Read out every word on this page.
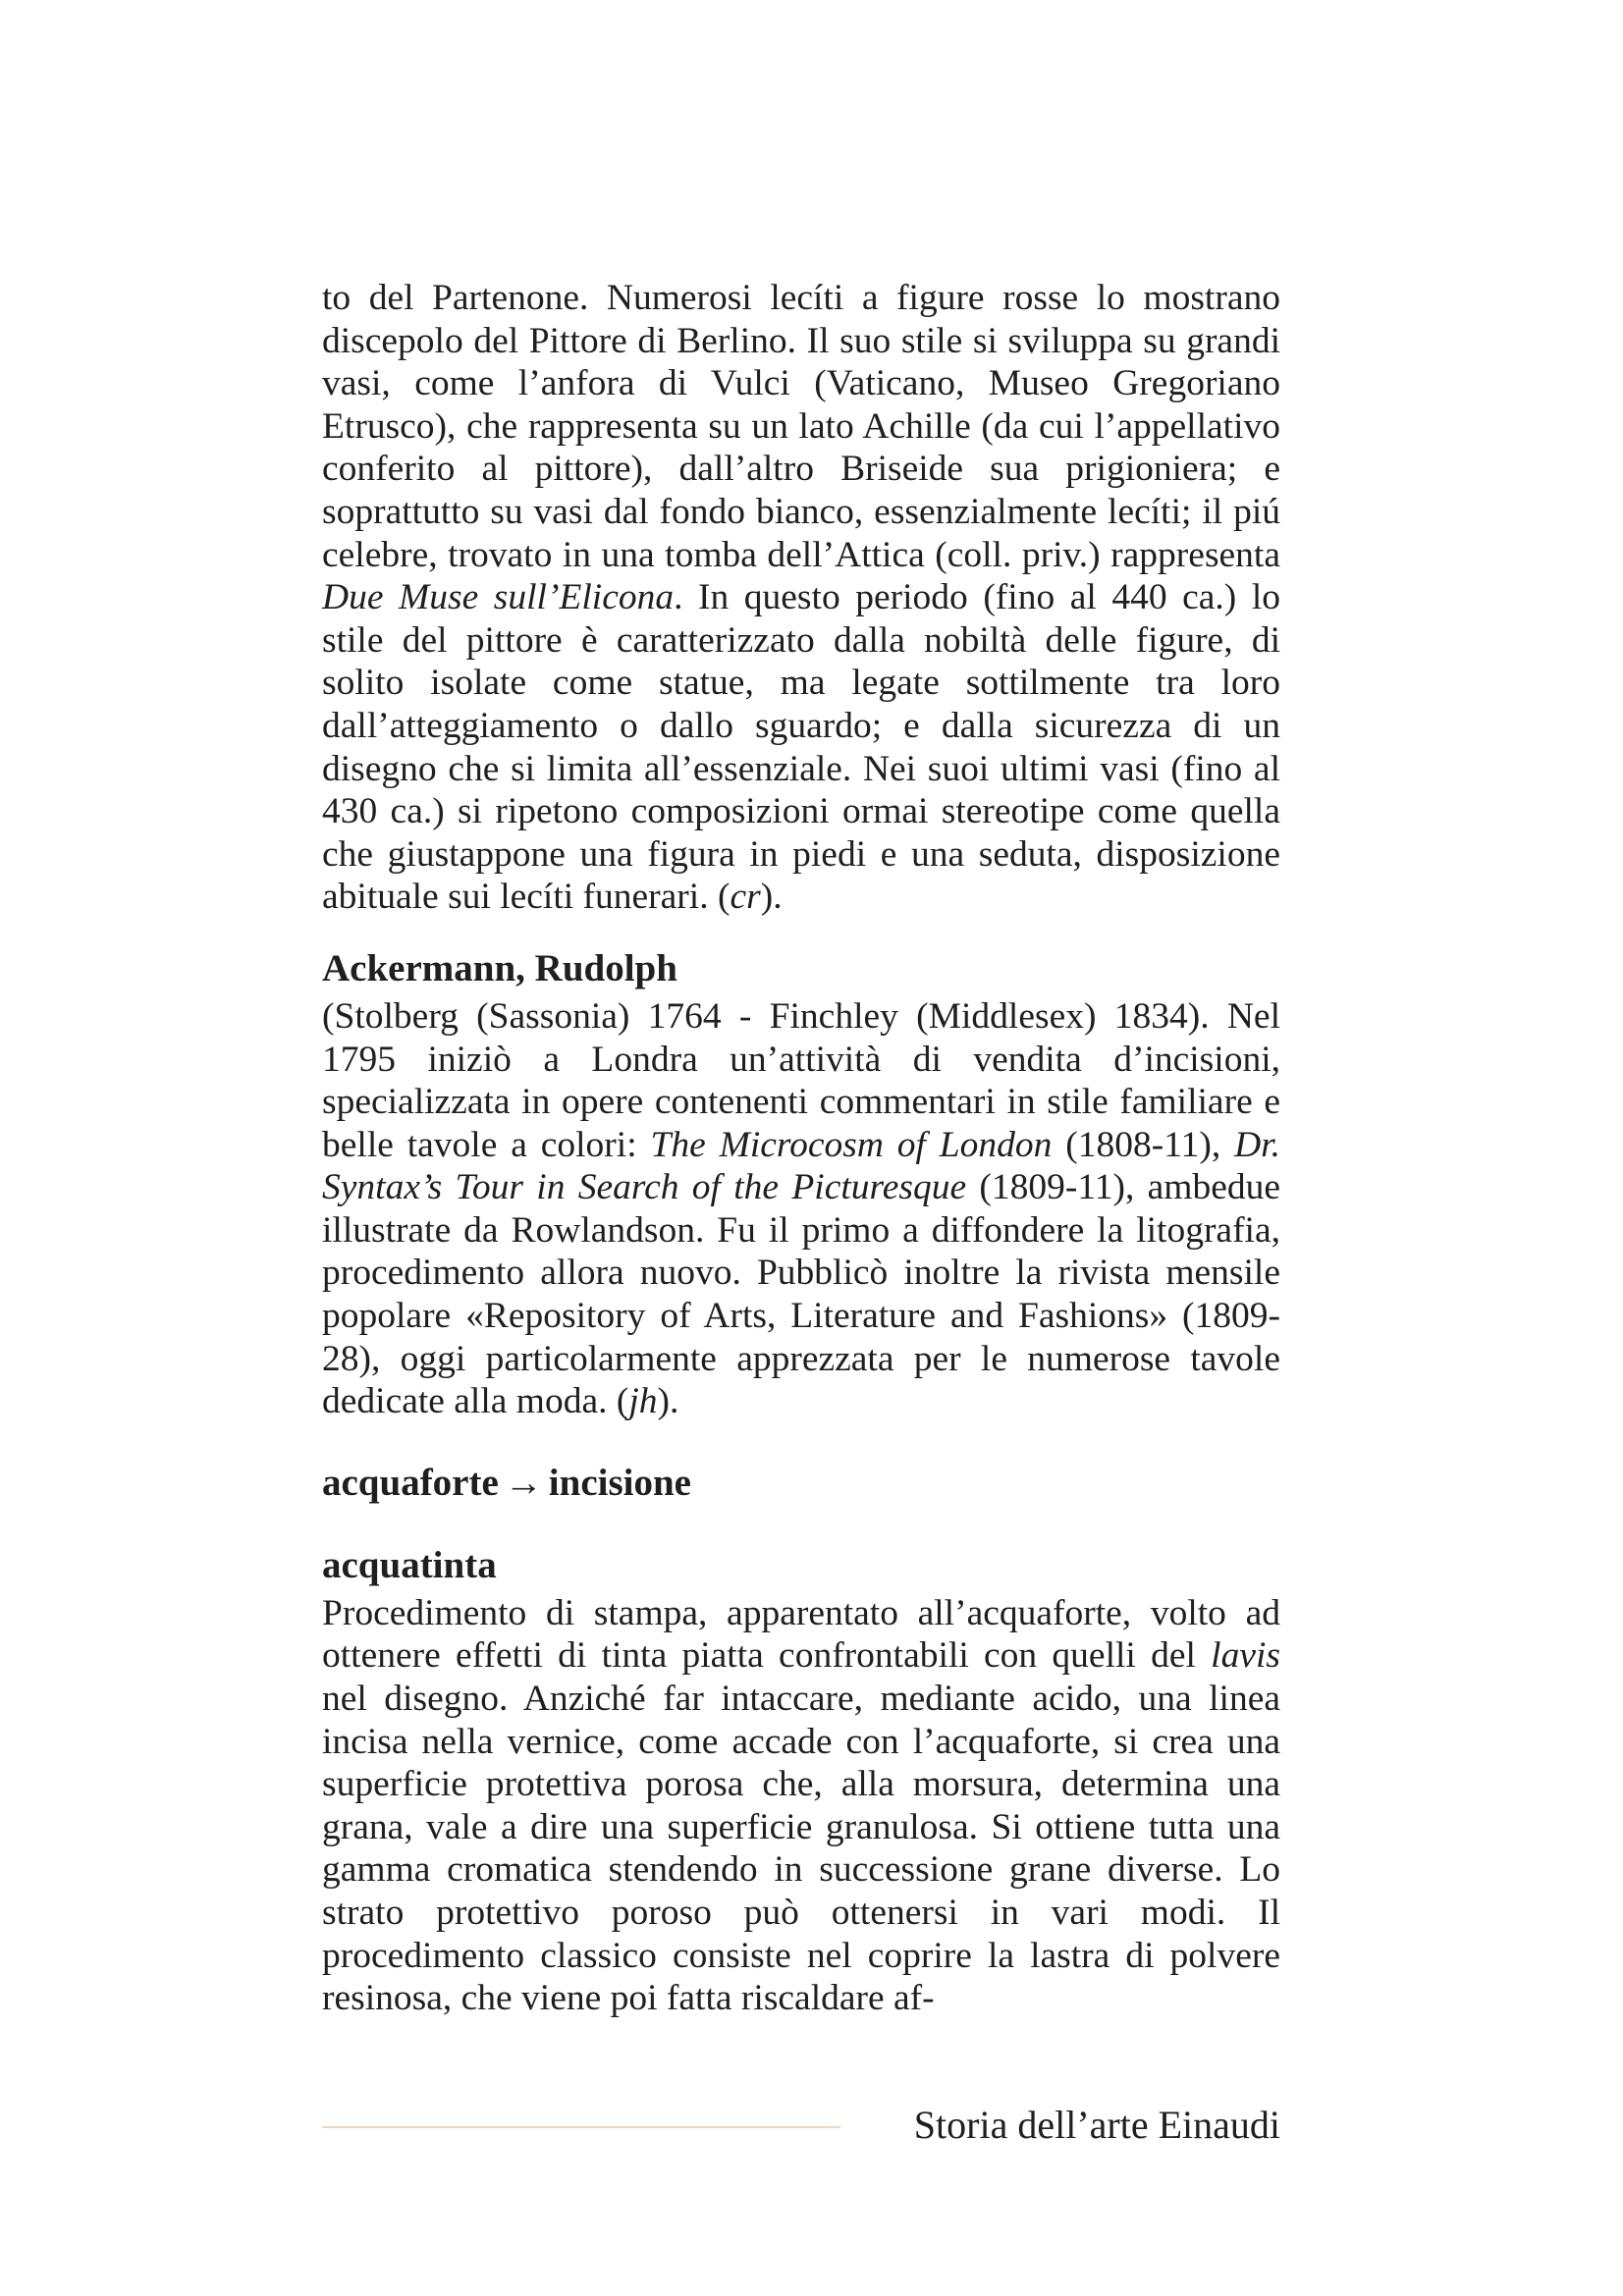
to del Partenone. Numerosi lecíti a figure rosse lo mostrano discepolo del Pittore di Berlino. Il suo stile si sviluppa su grandi vasi, come l’anfora di Vulci (Vaticano, Museo Gregoriano Etrusco), che rappresenta su un lato Achille (da cui l’appellativo conferito al pittore), dall’altro Briseide sua prigioniera; e soprattutto su vasi dal fondo bianco, essenzialmente lecíti; il piú celebre, trovato in una tomba dell’Attica (coll. priv.) rappresenta Due Muse sull’Elicona. In questo periodo (fino al 440 ca.) lo stile del pittore è caratterizzato dalla nobiltà delle figure, di solito isolate come statue, ma legate sottilmente tra loro dall’atteggiamento o dallo sguardo; e dalla sicurezza di un disegno che si limita all’essenziale. Nei suoi ultimi vasi (fino al 430 ca.) si ripetono composizioni ormai stereotipe come quella che giustappone una figura in piedi e una seduta, disposizione abituale sui lecíti funerari. (cr).

Ackermann, Rudolph

(Stolberg (Sassonia) 1764 - Finchley (Middlesex) 1834). Nel 1795 iniziò a Londra un’attività di vendita d’incisioni, specializzata in opere contenenti commentari in stile familiare e belle tavole a colori: The Microcosm of London (1808-11), Dr. Syntax’s Tour in Search of the Picturesque (1809-11), ambedue illustrate da Rowlandson. Fu il primo a diffondere la litografia, procedimento allora nuovo. Pubblicò inoltre la rivista mensile popolare «Repository of Arts, Literature and Fashions» (1809-28), oggi particolarmente apprezzata per le numerose tavole dedicate alla moda. (jh).

acquaforte → incisione
acquatinta

Procedimento di stampa, apparentato all’acquaforte, volto ad ottenere effetti di tinta piatta confrontabili con quelli del lavis nel disegno. Anziché far intaccare, mediante acido, una linea incisa nella vernice, come accade con l’acquaforte, si crea una superficie protettiva porosa che, alla morsura, determina una grana, vale a dire una superficie granulosa. Si ottiene tutta una gamma cromatica stendendo in successione grane diverse. Lo strato protettivo poroso può ottenersi in vari modi. Il procedimento classico consiste nel coprire la lastra di polvere resinosa, che viene poi fatta riscaldare af-

Storia dell’arte Einaudi
